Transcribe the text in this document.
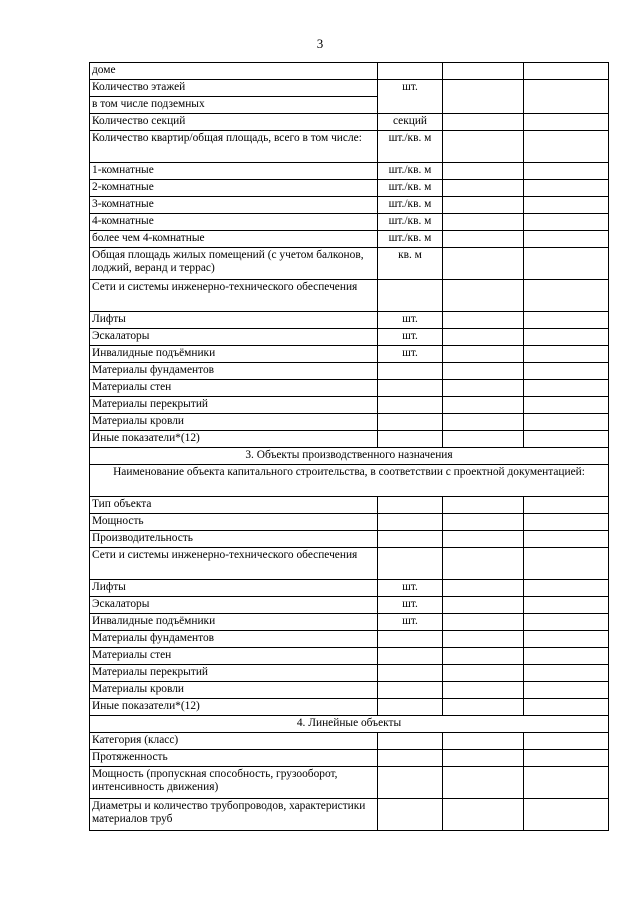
3
доме			
Количество этажей	шт.		
в том числе подземных			
Количество секций	секций		
Количество квартир/общая площадь, всего в том числе:	шт./кв. м		
1-комнатные	шт./кв. м		
2-комнатные	шт./кв. м		
3-комнатные	шт./кв. м		
4-комнатные	шт./кв. м		
более чем 4-комнатные	шт./кв. м		
Общая площадь жилых помещений (с учетом балконов, лоджий, веранд и террас)	кв. м		
Сети и системы инженерно-технического обеспечения			
Лифты	шт.		
Эскалаторы	шт.		
Инвалидные подъёмники	шт.		
Материалы фундаментов			
Материалы стен			
Материалы перекрытий			
Материалы кровли			
Иные показатели*(12)			
3. Объекты производственного назначения			
Наименование объекта капитального строительства, в соответствии с проектной документацией:			
Тип объекта			
Мощность			
Производительность			
Сети и системы инженерно-технического обеспечения			
Лифты	шт.		
Эскалаторы	шт.		
Инвалидные подъёмники	шт.		
Материалы фундаментов			
Материалы стен			
Материалы перекрытий			
Материалы кровли			
Иные показатели*(12)			
4. Линейные объекты			
Категория (класс)			
Протяженность			
Мощность (пропускная способность, грузооборот, интенсивность движения)			
Диаметры и количество трубопроводов, характеристики материалов труб			
